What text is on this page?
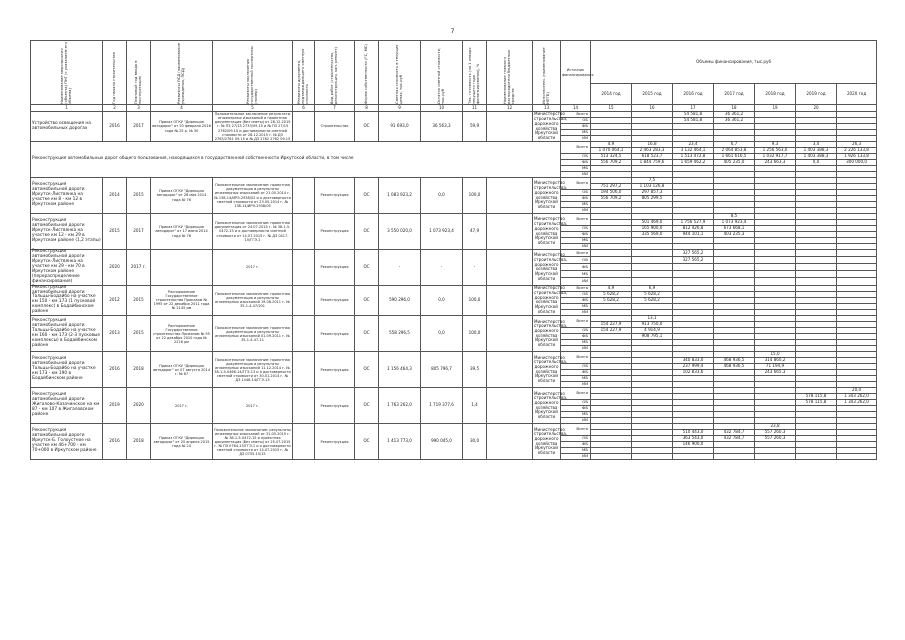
7
Наименование мероприятия (объекта) ПНГ (с указанием его объема)	Год начала строительства	Плановый год ввода в эксплуатацию	Реквизиты ПСД (наименование учреждения, ПСД)	Реквизиты заключения государственной экспертизы (номер)	Реквизиты документа, подтверждающего сметную стоимость	Вид работ (строительство, реконструкция, кап. ремонт)	Форма собственности (ГС, МС)	Сметная стоимость в текущих ценах, тыс.руб	Остаток сметной стоимости, тыс.руб	Тех. готовность (на 1 января текущего года финансирования), %	Наименование главного распорядителя бюджетных средств	Исполнитель (наименование НПТБ)	Источник финансирования	Объемы финансирования, тыс.руб						
														2014 год	2015 год	2016 год	2017 год	2018 год	2019 год	2020 год
1	2	3	4	5	6	7	8	9	10	11	12	13	14	15	16	17	18	19	20	
Устройство освещения на автомобильных дорогах	2016	2017	Приказ ОГКУ "Дирекция автодорог" от 20 февраля 2016 года № 25 р, № 30	Положительное заключение результаты инженерных изысканий и проектная документация (без сметы) от 28.12.2015 г. № ПЗ 27/15 2733/09.15 и № ПЗ 27/15 2762/09.15 и достоверности сметной стоимости от 28.12.2015 г. № ДЗ 2763/2761 09.15 и № ДЗ 2762 2762 09.15		Строительство	ОС	91 693,0	36 563,3	59,9		Министерство строительства, дорожного хозяйства Иркутской области	Всего			54 581,8	36 361,2			
													ОБ			54 581,8	36 361,2			
													ФБ							
													МБ							
													ИИ							
Реконструкция автомобильных дорог общего пользования, находящихся в государственной собственности Иркутской области, в том числе													Всего	4,9	16,8	23,4	6,7	9,3	3,4	26,3
														1 070 064,1	2 463 283,3	3 132 464,1	2 064 853,8	1 256 563,0	1 403 388,3	2 226 133,8
													ОБ	513 324,5	618 523,7	1 513 472,8	1 661 616,5	1 032 917,7	1 403 388,3	1 926 133,8
													ФБ	556 709,2	1 844 759,6	1 659 462,2	405 235,0	243 663,3	0,0	300 000,0
													МБ							
													ИИ							
Реконструкция автомобильной дороги Иркутск-Листвянка на участке км 8 - км 12 в Иркутском районе	2014	2015	Приказ ОГКУ "Дирекция автодорог" от 28 мая 2014 года № 76	Положительное заключение: проектная документация и результаты инженерных изысканий от 21.05.2014 г. № 138-14/ИРЭ-2938/02 и о достоверности сметной стоимости от 23.05.2014 г. № 138-14/ИРЭ-2938/05		Реконструкция	ОС	1 083 923,2	0,0	100,0		Министерство строительства, дорожного хозяйства Иркутской области	Всего		7,5					
														751 297,2	1 103 126,8					
													ОБ	194 506,0	297 857,3					
													ФБ	556 709,2	805 299,5					
													МБ							
													ИИ							
Реконструкция автомобильной дороги Иркутск-Листвянка на участке км 12 - км 29 в Иркутском районе (1,2 этапы)	2015	2017	Приказ ОГКУ "Дирекция автодорог" от 17 июня 2014 года № 76	Положительное заключение: проектная документация от 24.07.2015 г. № 38-1-5-0472-15 и о достоверности сметной стоимости от 14.07.2015 г. № ДЗ 0417-15/ГГЭ-1		Реконструкция	ОС	3 550 020,0	1 073 923,4	47,9		Министерство строительства, дорожного хозяйства Иркутской области	Всего				8,5			
															501 469,0	1 756 527,9	1 073 923,4			
													ОБ		165 900,0	812 426,8	673 668,1			
													ФБ		335 569,0	944 101,1	403 235,3			
													МБ							
													ИИ							
Реконструкция автомобильной дороги Иркутск-Листвянка на участке км 29 - км 70 в Иркутском районе (перераспределение финансирования)	2020	2017 г.		2017 г.		Реконструкция	ОС	-	-	-		Министерство строительства, дорожного хозяйства Иркутской области	Всего			327 565,2				
													ОБ			327 565,2				
													ФБ							
													МБ							
													ИИ							
Реконструкция автомобильной дороги Тальцы-Бодайбо на участке км 150 - км 173 (1 пусковой комплекс) в Бодайбинском районе	2012	2015	Распоряжение Государственное строительство Приказом № 1995 от 22 декабря 2011 года № 2145 рм	Положительное заключение: проектная документация и результаты инженерных изысканий 19.08.2011 г. № 35-1-4-47/201		Реконструкция	ОС	590 296,0	0,0	100,0		Министерство строительства, дорожного хозяйства Иркутской области	Всего	4,9	6,9					
													ОБ	5 628,2	5 628,2					
													ФБ	5 628,2	5 628,2					
													МБ							
													ИИ							
Реконструкция автомобильной дороги Тальцы-Бодайбо на участке км 160 - км 173 (2-3 пусковые комплексы) в Бодайбинском районе	2013	2015	Распоряжение Государственное строительство Приказом № 95 от 22 декабря 2010 года № 2216 рм	Положительное заключение: проектная документация и результаты инженерных изысканий 01.09.2011 г. № 35-1-4-47-11		Реконструкция	ОС	558 296,5	0,0	100,0		Министерство строительства, дорожного хозяйства Иркутской области	Всего		13,1					
														154 227,9	913 750,0					
													ОБ	154 227,9	4 914,9					
													ФБ		908 795,1					
													МБ							
													ИИ							
Реконструкция автомобильной дороги Тальцы-Бодайбо на участке км 173 - км 190 в Бодайбинском районе	2016	2018	Приказ ОГКУ "Дирекция автодорог" от 07 августа 2014 г. № 67	Положительное заключение: проектная документация и результаты инженерных изысканий 11.12.2014 г. № 38-1-5-0466-14/ГГЭ-13 и о достоверности сметной стоимости от 30.01.2014 г. № ДЗ 1448-14/ГГЭ-13		Реконструкция	ОС	1 156 464,3	805 796,7	39,5		Министерство строительства, дорожного хозяйства Иркутской области	Всего					15,0		
																340 833,0	468 936,5	314 860,2		
													ОБ			237 999,4	468 936,5	71 194,9		
													ФБ			102 833,6		243 665,3		
													МБ							
													ИИ							
Реконструкция автомобильной дороги Жигалово-Казачинское на км 87 - км 107 в Жигаловском районе	2019	2020	2017 г.	2017 г.		Реконструкция	ОС	1 763 262,0	1 719 377,6	1,4		Министерство строительства, дорожного хозяйства Иркутской области	Всего							20,0
																			578 115,8	1 343 262,0
													ОБ						578 115,8	1 343 262,0
													ФБ							
													МБ							
													ИИ							
Реконструкция автомобильной дороги Иркутск-Б. Голоустное на участке км 46+700 - км 70+000 в Иркутском районе	2016	2018	Приказ ОГКУ "Дирекция автодорог" от 20 апреля 2015 года № 24	Положительное заключение: результаты инженерных изысканий от 31.05.2015 г. № 38-1-5-0472-15 и проектная документация (без сметы) от 25.07.2015 г. № ПЗ 0764-15/ГГЭ-1 и о достоверности сметной стоимости от 14.07.2015 г. № ДЗ 0755-15/15		Реконструкция	ОС	1 413 773,0	990 045,0	30,0		Министерство строительства, дорожного хозяйства Иркутской области	Всего					23,8		
																510 443,0	432 784,7	557 260,3		
													ОБ			363 543,0	432 784,7	557 260,3		
													ФБ			146 900,0				
													МБ							
													ИИ							
